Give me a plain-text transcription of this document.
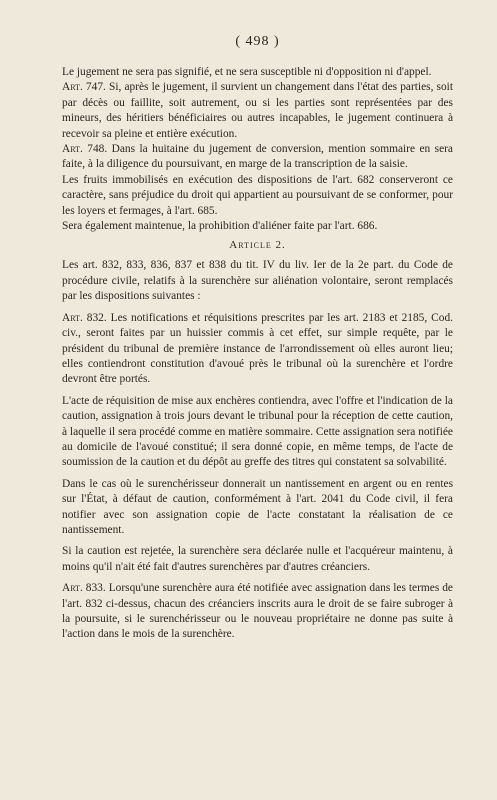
( 498 )

Le jugement ne sera pas signifié, et ne sera susceptible ni d'opposition ni d'appel.

Art. 747. Si, après le jugement, il survient un changement dans l'état des parties, soit par décès ou faillite, soit autrement, ou si les parties sont représentées par des mineurs, des héritiers bénéficiaires ou autres incapables, le jugement continuera à recevoir sa pleine et entière exécution.

Art. 748. Dans la huitaine du jugement de conversion, mention sommaire en sera faite, à la diligence du poursuivant, en marge de la transcription de la saisie.

Les fruits immobilisés en exécution des dispositions de l'art. 682 conserveront ce caractère, sans préjudice du droit qui appartient au poursuivant de se conformer, pour les loyers et fermages, à l'art. 685.

Sera également maintenue, la prohibition d'aliéner faite par l'art. 686.

Article 2.

Les art. 832, 833, 836, 837 et 838 du tit. IV du liv. Ier de la 2e part. du Code de procédure civile, relatifs à la surenchère sur aliénation volontaire, seront remplacés par les dispositions suivantes :

Art. 832. Les notifications et réquisitions prescrites par les art. 2183 et 2185, Cod. civ., seront faites par un huissier commis à cet effet, sur simple requête, par le président du tribunal de première instance de l'arrondissement où elles auront lieu; elles contiendront constitution d'avoué près le tribunal où la surenchère et l'ordre devront être portés.

L'acte de réquisition de mise aux enchères contiendra, avec l'offre et l'indication de la caution, assignation à trois jours devant le tribunal pour la réception de cette caution, à laquelle il sera procédé comme en matière sommaire. Cette assignation sera notifiée au domicile de l'avoué constitué; il sera donné copie, en même temps, de l'acte de soumission de la caution et du dépôt au greffe des titres qui constatent sa solvabilité.

Dans le cas où le surenchérisseur donnerait un nantissement en argent ou en rentes sur l'État, à défaut de caution, conformément à l'art. 2041 du Code civil, il fera notifier avec son assignation copie de l'acte constatant la réalisation de ce nantissement.

Si la caution est rejetée, la surenchère sera déclarée nulle et l'acquéreur maintenu, à moins qu'il n'ait été fait d'autres surenchères par d'autres créanciers.

Art. 833. Lorsqu'une surenchère aura été notifiée avec assignation dans les termes de l'art. 832 ci-dessus, chacun des créanciers inscrits aura le droit de se faire subroger à la poursuite, si le surenchérisseur ou le nouveau propriétaire ne donne pas suite à l'action dans le mois de la surenchère.
